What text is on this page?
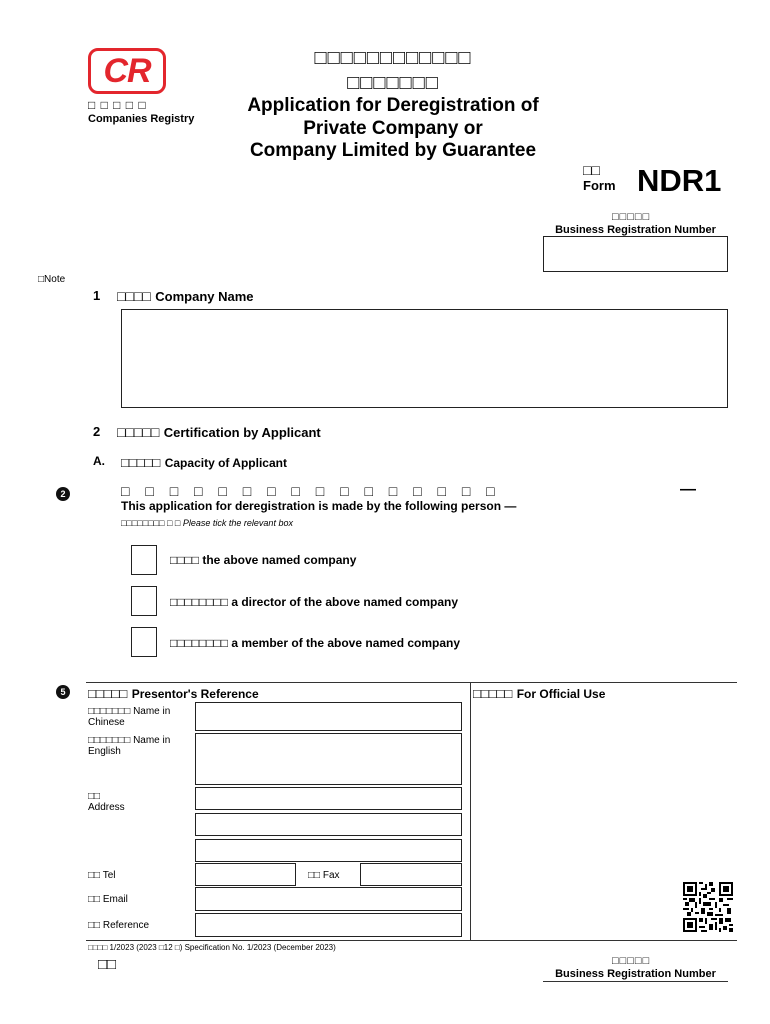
CR
□ □ □ □ □
Companies Registry
□□□□□□□□□□□□
□□□□□□□
Application for Deregistration of
Private Company or
Company Limited by Guarantee
□□
Form NDR1
□□□□□
Business Registration Number
□Note
1 □□□□ Company Name
2 □□□□□ Certification by Applicant
A. □□□□□ Capacity of Applicant
2	□ □ □ □ □ □ □ □ □ □ □ □ □ □ □ □	—
This application for deregistration is made by the following person —
□□□□□□□□ □ □ Please tick the relevant box
□□□□ the above named company
□□□□□□□□ a director of the above named company
□□□□□□□□ a member of the above named company
5	□□□□□ Presentor's Reference	□□□□□ For Official Use
□□□□□□□ Name in
Chinese
□□□□□□□ Name in
English
□□
Address
□□ Tel	□□ Fax
□□ Email
□□ Reference
□□□□ 1/2023 (2023 □12 □) Specification No. 1/2023 (December 2023)
□□	□□□□□
Business Registration Number
